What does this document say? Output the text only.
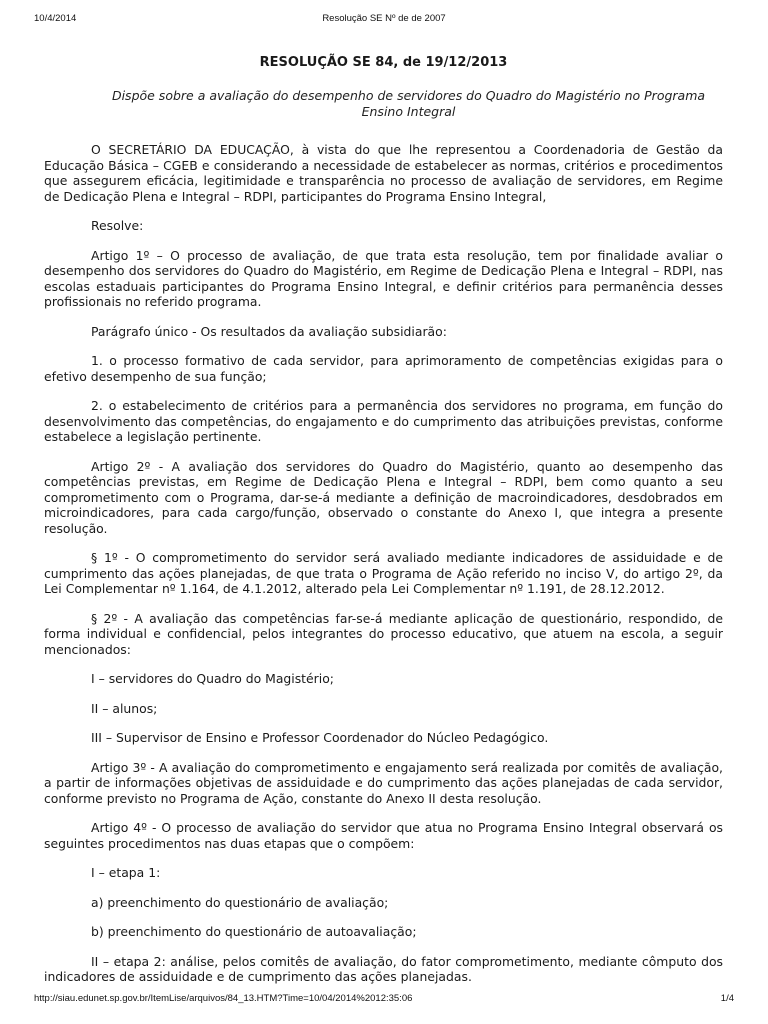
10/4/2014	Resolução SE Nº de de 2007
RESOLUÇÃO SE 84, de 19/12/2013
Dispõe sobre a avaliação do desempenho de servidores do Quadro do Magistério no Programa Ensino Integral

O SECRETÁRIO DA EDUCAÇÃO, à vista do que lhe representou a Coordenadoria de Gestão da Educação Básica – CGEB e considerando a necessidade de estabelecer as normas, critérios e procedimentos que assegurem eficácia, legitimidade e transparência no processo de avaliação de servidores, em Regime de Dedicação Plena e Integral – RDPI, participantes do Programa Ensino Integral,

Resolve:

Artigo 1º – O processo de avaliação, de que trata esta resolução, tem por finalidade avaliar o desempenho dos servidores do Quadro do Magistério, em Regime de Dedicação Plena e Integral – RDPI, nas escolas estaduais participantes do Programa Ensino Integral, e definir critérios para permanência desses profissionais no referido programa.

Parágrafo único - Os resultados da avaliação subsidiarão:

1. o processo formativo de cada servidor, para aprimoramento de competências exigidas para o efetivo desempenho de sua função;

2. o estabelecimento de critérios para a permanência dos servidores no programa, em função do desenvolvimento das competências, do engajamento e do cumprimento das atribuições previstas, conforme estabelece a legislação pertinente.

Artigo 2º - A avaliação dos servidores do Quadro do Magistério, quanto ao desempenho das competências previstas, em Regime de Dedicação Plena e Integral – RDPI, bem como quanto a seu comprometimento com o Programa, dar-se-á mediante a definição de macroindicadores, desdobrados em microindicadores, para cada cargo/função, observado o constante do Anexo I, que integra a presente resolução.

§ 1º - O comprometimento do servidor será avaliado mediante indicadores de assiduidade e de cumprimento das ações planejadas, de que trata o Programa de Ação referido no inciso V, do artigo 2º, da Lei Complementar nº 1.164, de 4.1.2012, alterado pela Lei Complementar nº 1.191, de 28.12.2012.

§ 2º - A avaliação das competências far-se-á mediante aplicação de questionário, respondido, de forma individual e confidencial, pelos integrantes do processo educativo, que atuem na escola, a seguir mencionados:

I – servidores do Quadro do Magistério;

II – alunos;

III – Supervisor de Ensino e Professor Coordenador do Núcleo Pedagógico.

Artigo 3º - A avaliação do comprometimento e engajamento será realizada por comitês de avaliação, a partir de informações objetivas de assiduidade e do cumprimento das ações planejadas de cada servidor, conforme previsto no Programa de Ação, constante do Anexo II desta resolução.

Artigo 4º - O processo de avaliação do servidor que atua no Programa Ensino Integral observará os seguintes procedimentos nas duas etapas que o compõem:

I – etapa 1:

a) preenchimento do questionário de avaliação;

b) preenchimento do questionário de autoavaliação;

II – etapa 2: análise, pelos comitês de avaliação, do fator comprometimento, mediante cômputo dos indicadores de assiduidade e de cumprimento das ações planejadas.

http://siau.edunet.sp.gov.br/ItemLise/arquivos/84_13.HTM?Time=10/04/2014%2012:35:06	1/4
